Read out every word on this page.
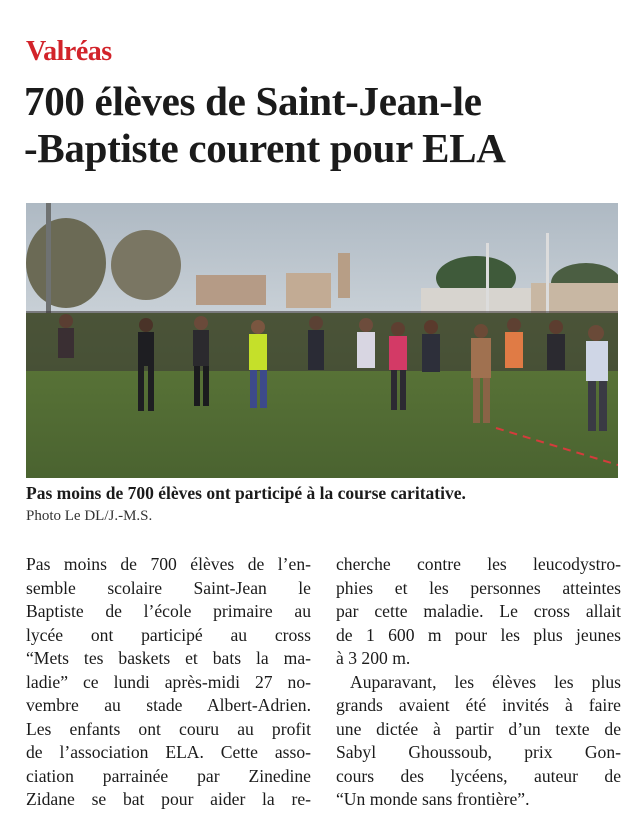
Valréas
700 élèves de Saint-Jean-le
-Baptiste courent pour ELA
Pas moins de 700 élèves ont participé à la course caritative.
Photo Le DL/J.-M.S.
Pas moins de 700 élèves de l’en-
semble scolaire Saint-Jean le
Baptiste de l’école primaire au
lycée ont participé au cross
“Mets tes baskets et bats la ma-
ladie” ce lundi après-midi 27 no-
vembre au stade Albert-Adrien.
Les enfants ont couru au profit
de l’association ELA. Cette asso-
ciation parrainée par Zinedine
Zidane se bat pour aider la re-
cherche contre les leucodystro-
phies et les personnes atteintes
par cette maladie. Le cross allait
de 1 600 m pour les plus jeunes
à 3 200 m.
Auparavant, les élèves les plus
grands avaient été invités à faire
une dictée à partir d’un texte de
Sabyl Ghoussoub, prix Gon-
cours des lycéens, auteur de
“Un monde sans frontière”.
